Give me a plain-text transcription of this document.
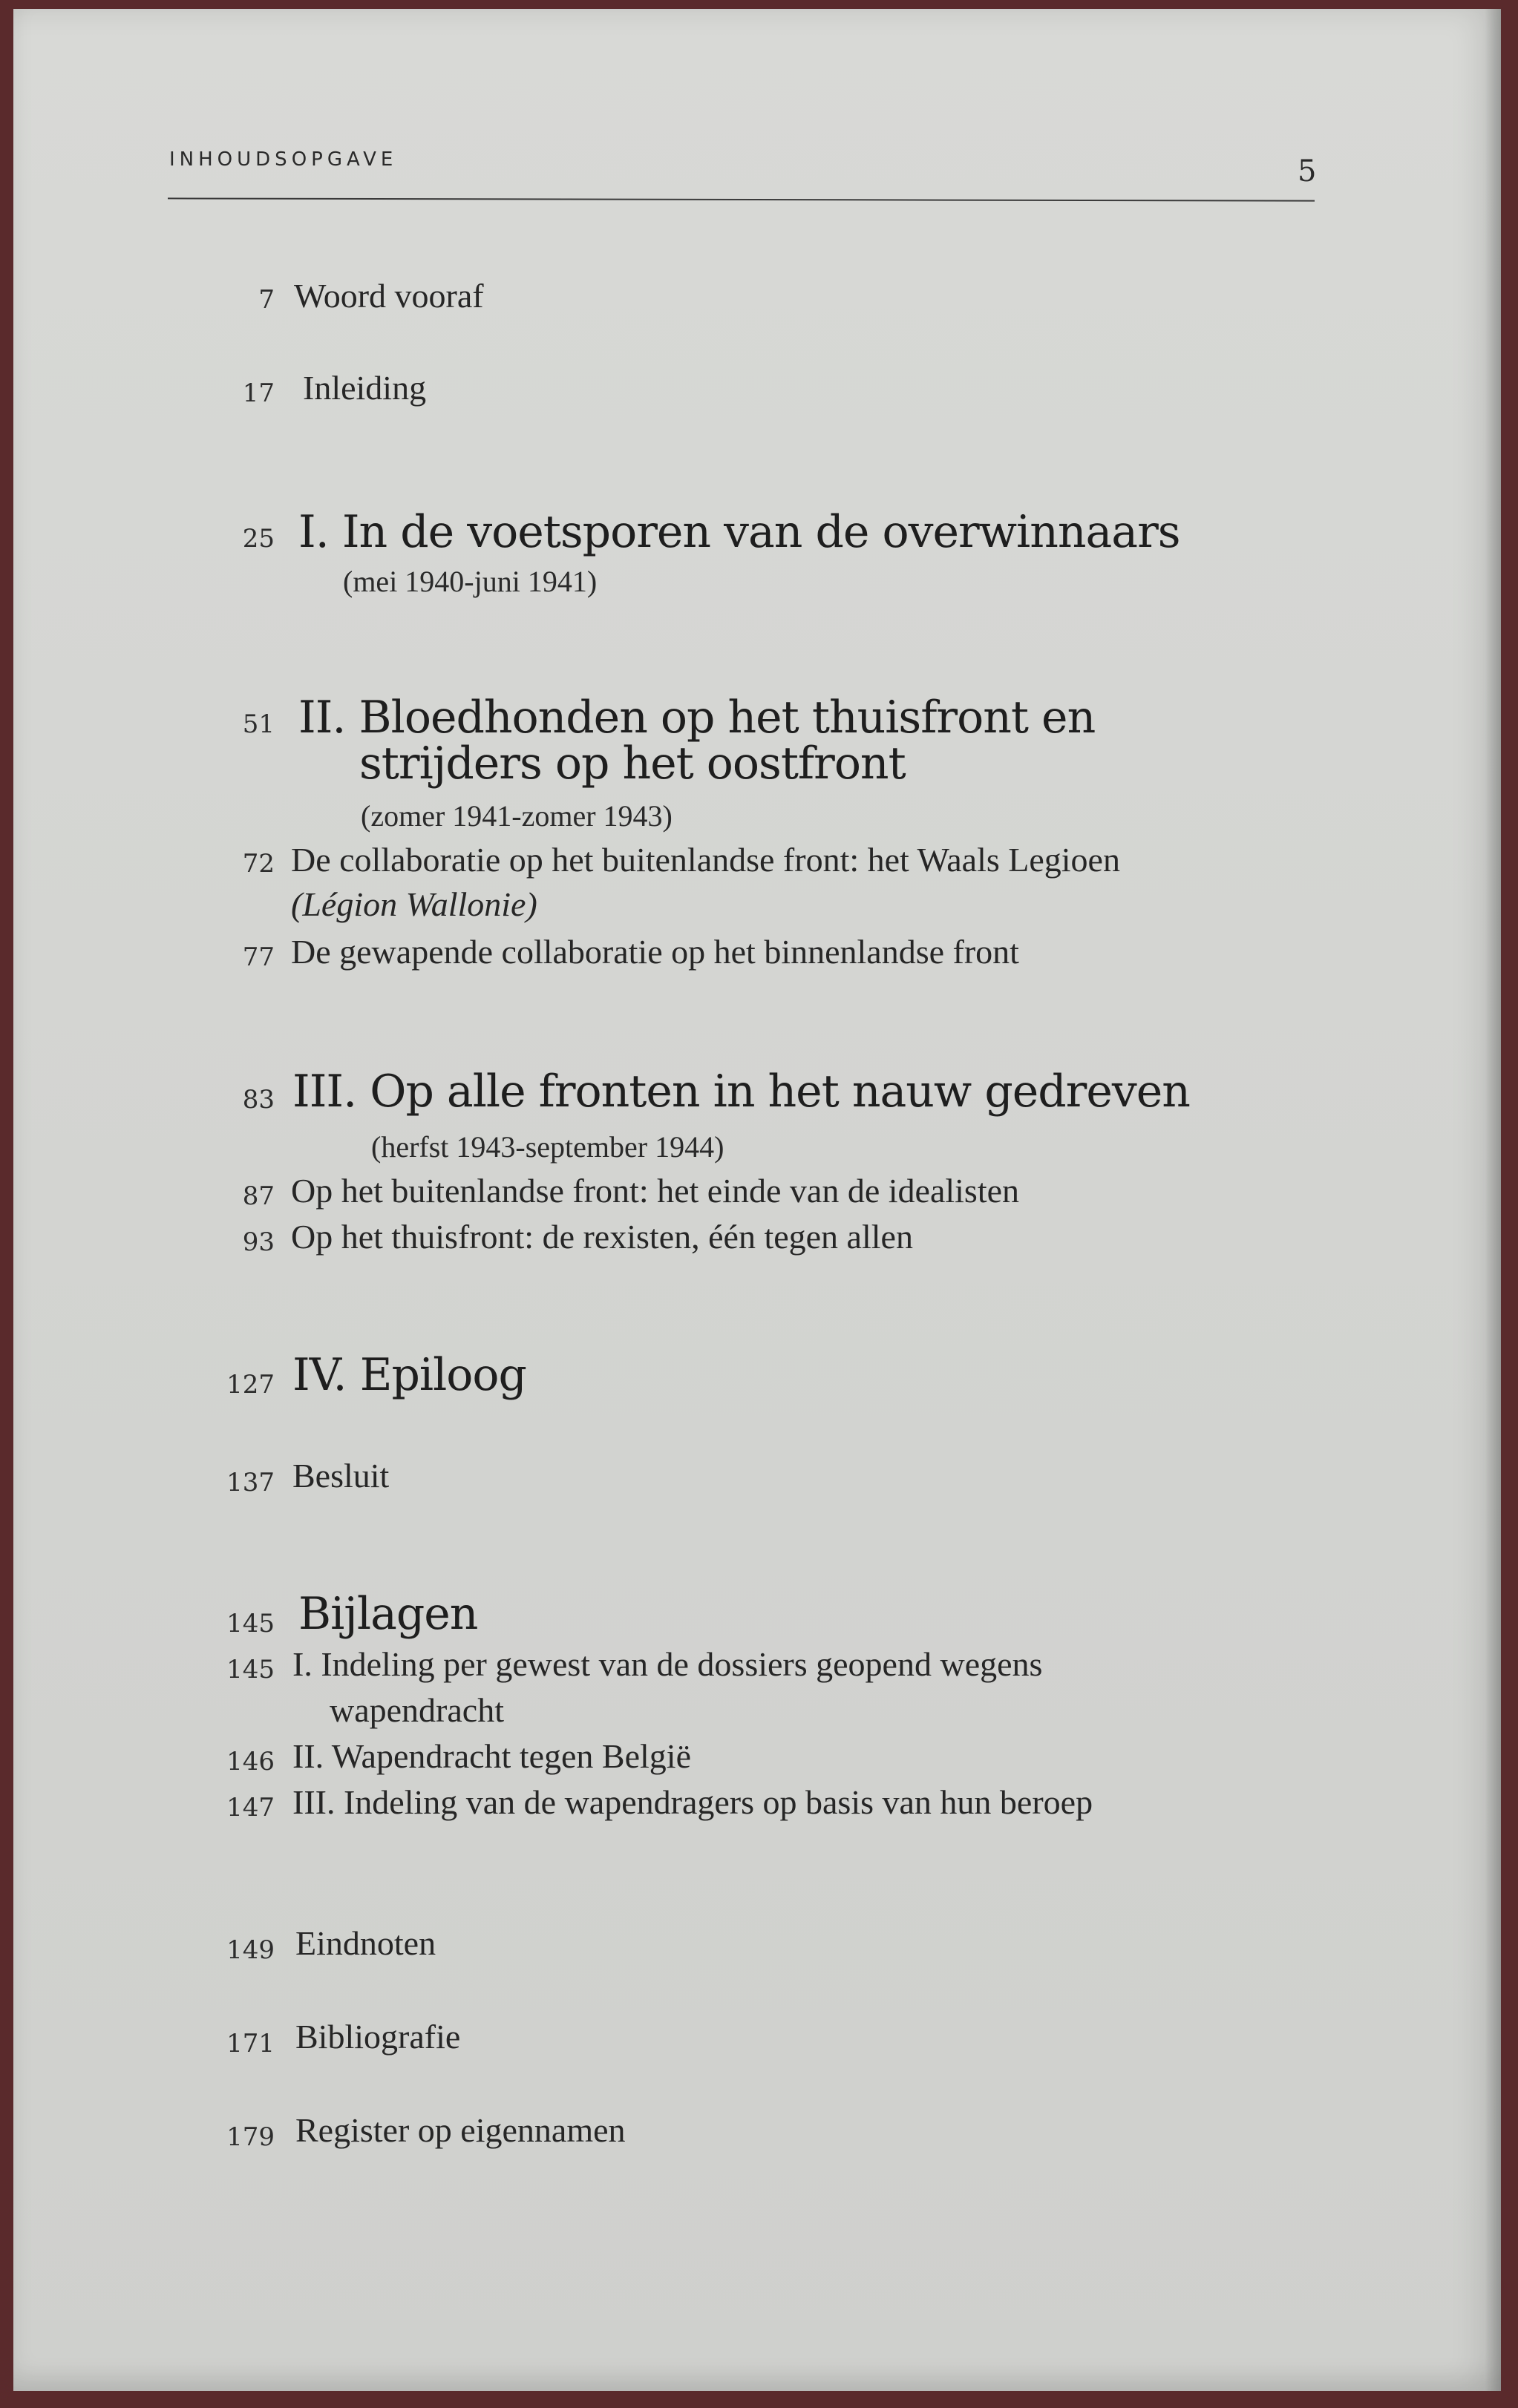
INHOUDSOPGAVE	5
7 Woord vooraf
17 Inleiding
25 I. In de voetsporen van de overwinnaars
(mei 1940-juni 1941)
51 II. Bloedhonden op het thuisfront en
strijders op het oostfront
(zomer 1941-zomer 1943)
72 De collaboratie op het buitenlandse front: het Waals Legioen
(Légion Wallonie)
77 De gewapende collaboratie op het binnenlandse front
83 III. Op alle fronten in het nauw gedreven
(herfst 1943-september 1944)
87 Op het buitenlandse front: het einde van de idealisten
93 Op het thuisfront: de rexisten, één tegen allen
127 IV. Epiloog
137 Besluit
145 Bijlagen
145 I. Indeling per gewest van de dossiers geopend wegens
wapendracht
146 II. Wapendracht tegen België
147 III. Indeling van de wapendragers op basis van hun beroep
149 Eindnoten
171 Bibliografie
179 Register op eigennamen
